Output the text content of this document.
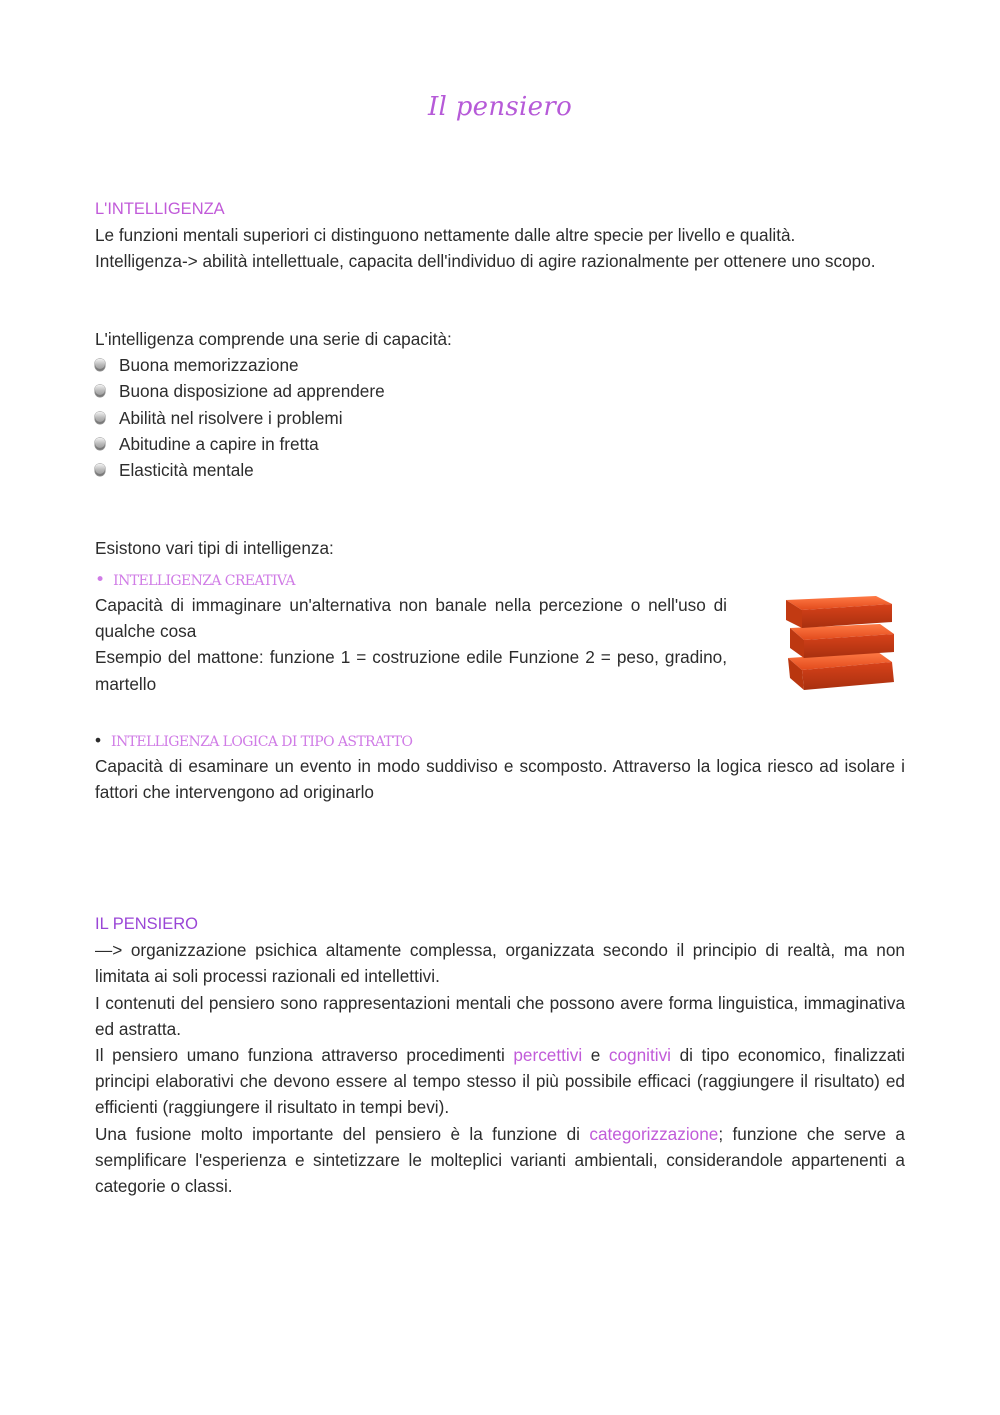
Il pensiero
L'INTELLIGENZA
Le funzioni mentali superiori ci distinguono nettamente dalle altre specie per livello e qualità.
Intelligenza-> abilità intellettuale, capacita dell'individuo di agire razionalmente per ottenere uno scopo.
L'intelligenza comprende una serie di capacità:
Buona memorizzazione
Buona disposizione ad apprendere
Abilità nel risolvere i problemi
Abitudine a capire in fretta
Elasticità mentale
Esistono vari tipi di intelligenza:
• INTELLIGENZA CREATIVA
Capacità di immaginare un'alternativa non banale nella percezione o nell'uso di qualche cosa
Esempio del mattone: funzione 1 = costruzione edile Funzione 2 = peso, gradino, martello
• INTELLIGENZA LOGICA DI TIPO ASTRATTO
Capacità di esaminare un evento in modo suddiviso e scomposto. Attraverso la logica riesco ad isolare i fattori che intervengono ad originarlo
IL PENSIERO
—> organizzazione psichica altamente complessa, organizzata secondo il principio di realtà, ma non limitata ai soli processi razionali ed intellettivi.
I contenuti del pensiero sono rappresentazioni mentali che possono avere forma linguistica, immaginativa ed astratta.
Il pensiero umano funziona attraverso procedimenti percettivi e cognitivi di tipo economico, finalizzati principi elaborativi che devono essere al tempo stesso il più possibile efficaci (raggiungere il risultato) ed efficienti (raggiungere il risultato in tempi bevi).
Una fusione molto importante del pensiero è la funzione di categorizzazione; funzione che serve a semplificare l'esperienza e sintetizzare le molteplici varianti ambientali, considerandole appartenenti a categorie o classi.
